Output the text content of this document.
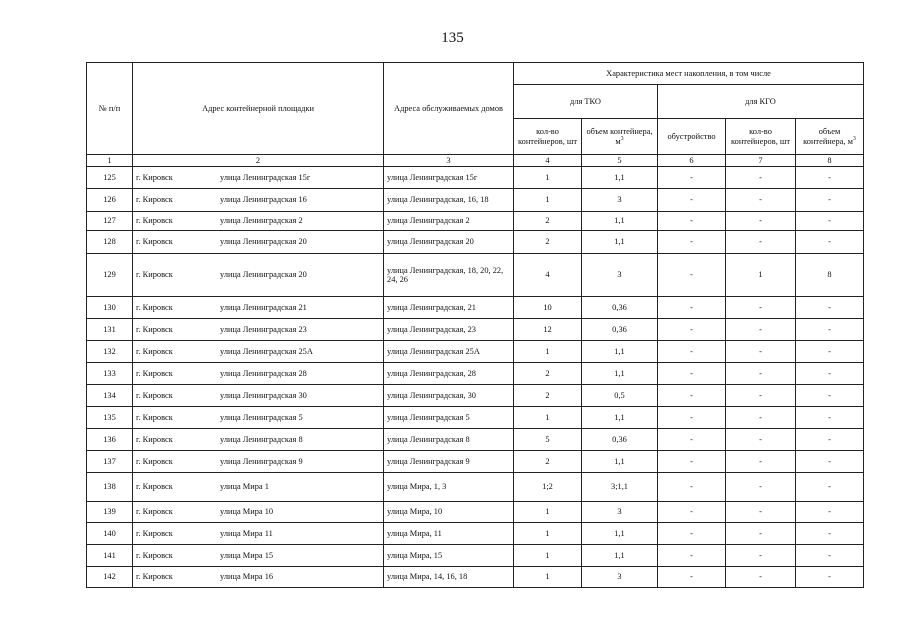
135
№ п/п	Адрес контейнерной площадки	Адреса обслуживаемых домов	Характеристика мест накопления, в том числе				
			для ТКО		для КГО		
			кол-во контейнеров, шт	объем контейнера, $м^3$	обустройство	кол-во контейнеров, шт	объем контейнера, $м^3$
1	2	3	4	5	6	7	8
125	г. Кировск улица Ленинградская 15г	улица Ленинградская 15г	1	1,1	-	-	-
126	г. Кировск улица Ленинградская 16	улица Ленинградская, 16, 18	1	3	-	-	-
127	г. Кировск улица Ленинградская 2	улица Ленинградская 2	2	1,1	-	-	-
128	г. Кировск улица Ленинградская 20	улица Ленинградская 20	2	1,1	-	-	-
129	г. Кировск улица Ленинградская 20	улица Ленинградская, 18, 20, 22, 24, 26	4	3	-	1	8
130	г. Кировск улица Ленинградская 21	улица Ленинградская, 21	10	0,36	-	-	-
131	г. Кировск улица Ленинградская 23	улица Ленинградская, 23	12	0,36	-	-	-
132	г. Кировск улица Ленинградская 25А	улица Ленинградская 25А	1	1,1	-	-	-
133	г. Кировск улица Ленинградская 28	улица Ленинградская, 28	2	1,1	-	-	-
134	г. Кировск улица Ленинградская 30	улица Ленинградская, 30	2	0,5	-	-	-
135	г. Кировск улица Ленинградская 5	улица Ленинградская 5	1	1,1	-	-	-
136	г. Кировск улица Ленинградская 8	улица Ленинградская 8	5	0,36	-	-	-
137	г. Кировск улица Ленинградская 9	улица Ленинградская 9	2	1,1	-	-	-
138	г. Кировск улица Мира 1	улица Мира, 1, 3	1;2	3;1,1	-	-	-
139	г. Кировск улица Мира 10	улица Мира, 10	1	3	-	-	-
140	г. Кировск улица Мира 11	улица Мира, 11	1	1,1	-	-	-
141	г. Кировск улица Мира 15	улица Мира, 15	1	1,1	-	-	-
142	г. Кировск улица Мира 16	улица Мира, 14, 16, 18	1	3	-	-	-
